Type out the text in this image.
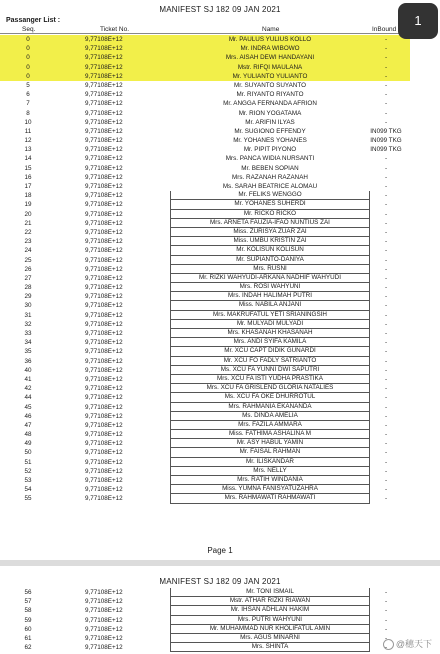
MANIFEST SJ 182 09 JAN 2021
Passanger List :
Seq.	Ticket No.	Name	InBound
0	9,77108E+12	Mr. PAULUS YULIUS KOLLO	-
0	9,77108E+12	Mr. INDRA WIBOWO	-
0	9,77108E+12	Mrs. AISAH DEWI HANDAYANI	-
0	9,77108E+12	Mstr. RIFQI MAULANA	-
0	9,77108E+12	Mr. YULIANTO YULIANTO	-
5	9,77108E+12	Mr. SUYANTO SUYANTO	-
6	9,77108E+12	Mr. RIYANTO RIYANTO	-
7	9,77108E+12	Mr. ANGGA FERNANDA AFRION	-
8	9,77108E+12	Mr. RION YOGATAMA	-
10	9,77108E+12	Mr. ARIFIN ILYAS	-
11	9,77108E+12	Mr. SUGIONO EFFENDY	IN099 TKG
12	9,77108E+12	Mr. YOHANES YOHANES	IN099 TKG
13	9,77108E+12	Mr. PIPIT PIYONO	IN099 TKG
14	9,77108E+12	Mrs. PANCA WIDIA NURSANTI	-
15	9,77108E+12	Mr. BEBEN SOPIAN	-
16	9,77108E+12	Mrs. RAZANAH RAZANAH	-
17	9,77108E+12	Ms. SARAH BEATRICE ALOMAU	-
18	9,77108E+12	Mr. FELIKS WENGGO	-
19	9,77108E+12	Mr. YOHANES SUHERDI	-
20	9,77108E+12	Mr. RICKO RICKO	-
21	9,77108E+12	Mrs. ARNETA FAUZIA-IFAO NUNTIUS ZAI	-
22	9,77108E+12	Miss. ZURISYA ZUAR ZAI	-
23	9,77108E+12	Miss. UMBU KRISTIN ZAI	-
24	9,77108E+12	Mr. KOLISUN KOLISUN	-
25	9,77108E+12	Mr. SUPIANTO-DANIYA	-
26	9,77108E+12	Mrs. RUSNI	-
27	9,77108E+12	Mr. RIZKI WAHYUDI-ARKANA NADHIF WAHYUDI	-
28	9,77108E+12	Mrs. ROSI WAHYUNI	-
29	9,77108E+12	Mrs. INDAH HALIMAH PUTRI	-
30	9,77108E+12	Miss. NABILA ANJANI	-
31	9,77108E+12	Mrs. MAKRUFATUL YETI SRIANINGSIH	-
32	9,77108E+12	Mr. MULYADI MULYADI	-
33	9,77108E+12	Mrs. KHASANAH KHASANAH	-
34	9,77108E+12	Mrs. ANDI SYIFA KAMILA	-
35	9,77108E+12	Mr. XCU CAPT DIDIK GUNARDI	-
36	9,77108E+12	Mr. XCU FO FADLY SATRIANTO	-
40	9,77108E+12	Ms. XCU FA YUNNI DWI SAPUTRI	-
41	9,77108E+12	Mrs. XCU FA ISTI YUDHA PRASTIKA	-
42	9,77108E+12	Mrs. XCU FA GRISLEND GLORIA NATALIES	-
44	9,77108E+12	Ms. XCU FA OKE DHURROTUL	-
45	9,77108E+12	Mrs. RAHMANIA EKANANDA	-
46	9,77108E+12	Ms. DINDA AMELIA	-
47	9,77108E+12	Mrs. FAZILA AMMARA	-
48	9,77108E+12	Miss. FATHIMA ASHALINA M	-
49	9,77108E+12	Mr. ASY HABUL YAMIN	-
50	9,77108E+12	Mr. FAISAL RAHMAN	-
51	9,77108E+12	Mr. ILISKANDAR	-
52	9,77108E+12	Mrs. NELLY	-
53	9,77108E+12	Mrs. RATIH WINDANIA	-
54	9,77108E+12	Miss. YUMNA FANISYATUZAHRA	-
55	9,77108E+12	Mrs. RAHMAWATI RAHMAWATI	-
Page 1
MANIFEST SJ 182 09 JAN 2021
56	9,77108E+12	Mr. TONI ISMAIL	-
57	9,77108E+12	Mstr. ATHAR RIZKI RIAWAN	-
58	9,77108E+12	Mr. IHSAN ADHLAN HAKIM	-
59	9,77108E+12	Mrs. PUTRI WAHYUNI	-
60	9,77108E+12	Mr. MUHAMMAD NUR KHOLIFATUL AMIN	-
61	9,77108E+12	Mrs. AGUS MINARNI	-
62	9,77108E+12	Mrs. SHINTA	-
1
@穗天下
